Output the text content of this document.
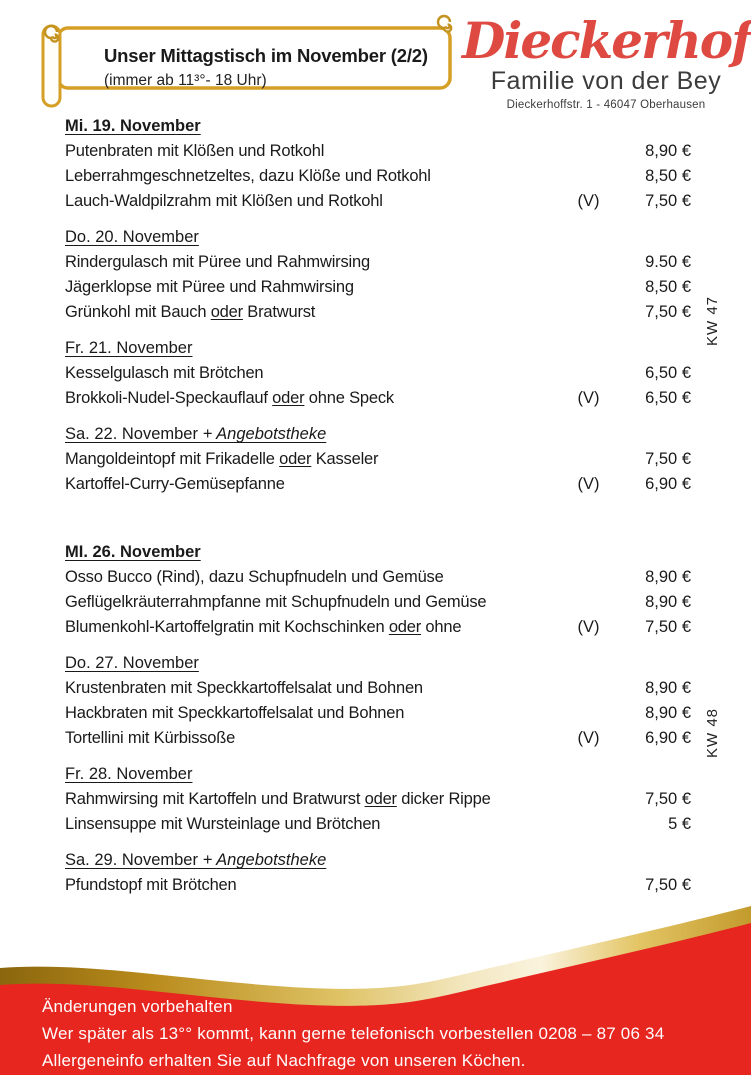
Unser Mittagstisch im November (2/2)
(immer ab 11³°- 18 Uhr)
Dieckerhof
Familie von der Bey
Dieckerhoffstr. 1 - 46047 Oberhausen
Mi. 19. November
Putenbraten mit Klößen und Rotkohl	8,90 €
Leberrahmgeschnetzeltes, dazu Klöße und Rotkohl	8,50 €
Lauch-Waldpilzrahm mit Klößen und Rotkohl	(V)	7,50 €
Do. 20. November
Rindergulasch mit Püree und Rahmwirsing	9.50 €
Jägerklopse mit Püree und Rahmwirsing	8,50 €
Grünkohl mit Bauch oder Bratwurst	7,50 €
Fr. 21. November
Kesselgulasch mit Brötchen	6,50 €
Brokkoli-Nudel-Speckauflauf oder ohne Speck	(V)	6,50 €
Sa. 22. November + Angebotstheke
Mangoldeintopf mit Frikadelle oder Kasseler	7,50 €
Kartoffel-Curry-Gemüsepfanne	(V)	6,90 €
MI. 26. November
Osso Bucco (Rind), dazu Schupfnudeln und Gemüse	8,90 €
Geflügelkräuterrahmpfanne mit Schupfnudeln und Gemüse	8,90 €
Blumenkohl-Kartoffelgratin mit Kochschinken oder ohne	(V)	7,50 €
Do. 27. November
Krustenbraten mit Speckkartoffelsalat und Bohnen	8,90 €
Hackbraten mit Speckkartoffelsalat und Bohnen	8,90 €
Tortellini mit Kürbissoße	(V)	6,90 €
Fr. 28. November
Rahmwirsing mit Kartoffeln und Bratwurst oder dicker Rippe	7,50 €
Linsensuppe mit Wursteinlage und Brötchen	5 €
Sa. 29. November + Angebotstheke
Pfundstopf mit Brötchen	7,50 €
KW 47
KW 48
Änderungen vorbehalten
Wer später als 13°° kommt, kann gerne telefonisch vorbestellen 0208 – 87 06 34
Allergeneinfo erhalten Sie auf Nachfrage von unseren Köchen.
